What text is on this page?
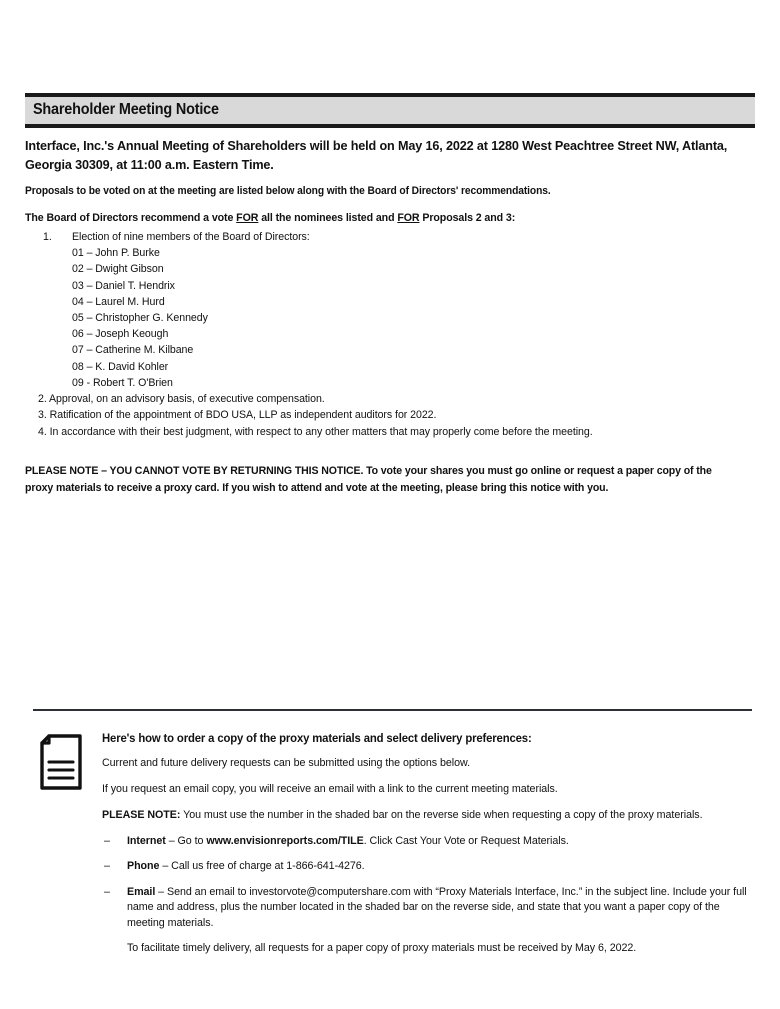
Shareholder Meeting Notice

Interface, Inc.'s Annual Meeting of Shareholders will be held on May 16, 2022 at 1280 West Peachtree Street NW, Atlanta, Georgia 30309, at 11:00 a.m. Eastern Time.

Proposals to be voted on at the meeting are listed below along with the Board of Directors' recommendations.

The Board of Directors recommend a vote FOR all the nominees listed and FOR Proposals 2 and 3:

1.	Election of nine members of the Board of Directors:
01 – John P. Burke
02 – Dwight Gibson
03 – Daniel T. Hendrix
04 – Laurel M. Hurd
05 – Christopher G. Kennedy
06 – Joseph Keough
07 – Catherine M. Kilbane
08 – K. David Kohler
09 - Robert T. O'Brien
2. Approval, on an advisory basis, of executive compensation.
3. Ratification of the appointment of BDO USA, LLP as independent auditors for 2022.
4. In accordance with their best judgment, with respect to any other matters that may properly come before the meeting.

PLEASE NOTE – YOU CANNOT VOTE BY RETURNING THIS NOTICE. To vote your shares you must go online or request a paper copy of the proxy materials to receive a proxy card. If you wish to attend and vote at the meeting, please bring this notice with you.

Here's how to order a copy of the proxy materials and select delivery preferences:

Current and future delivery requests can be submitted using the options below.

If you request an email copy, you will receive an email with a link to the current meeting materials.

PLEASE NOTE: You must use the number in the shaded bar on the reverse side when requesting a copy of the proxy materials.

– Internet – Go to www.envisionreports.com/TILE. Click Cast Your Vote or Request Materials.
– Phone – Call us free of charge at 1-866-641-4276.
– Email – Send an email to investorvote@computershare.com with “Proxy Materials Interface, Inc.” in the subject line. Include your full name and address, plus the number located in the shaded bar on the reverse side, and state that you want a paper copy of the meeting materials.

To facilitate timely delivery, all requests for a paper copy of proxy materials must be received by May 6, 2022.
